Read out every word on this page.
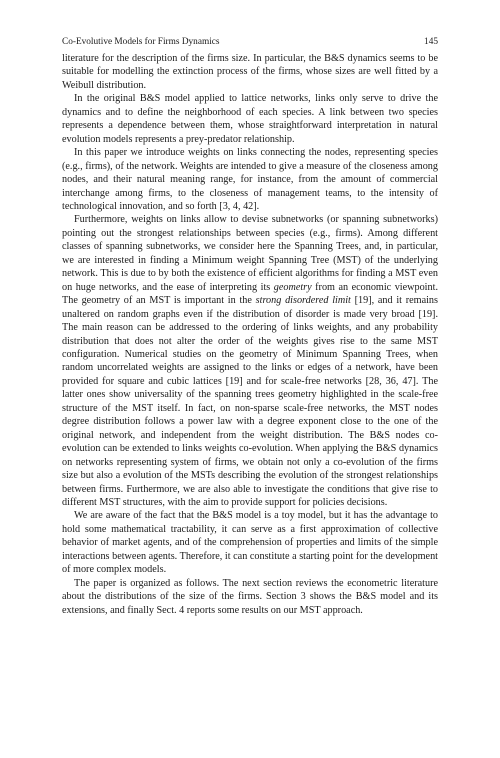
Co-Evolutive Models for Firms Dynamics	145

literature for the description of the firms size. In particular, the B&S dynamics seems to be suitable for modelling the extinction process of the firms, whose sizes are well fitted by a Weibull distribution.

In the original B&S model applied to lattice networks, links only serve to drive the dynamics and to define the neighborhood of each species. A link between two species represents a dependence between them, whose straightforward interpretation in natural evolution models represents a prey-predator relationship.

In this paper we introduce weights on links connecting the nodes, representing species (e.g., firms), of the network. Weights are intended to give a measure of the closeness among nodes, and their natural meaning range, for instance, from the amount of commercial interchange among firms, to the closeness of management teams, to the intensity of technological innovation, and so forth [3, 4, 42].

Furthermore, weights on links allow to devise subnetworks (or spanning subnetworks) pointing out the strongest relationships between species (e.g., firms). Among different classes of spanning subnetworks, we consider here the Spanning Trees, and, in particular, we are interested in finding a Minimum weight Spanning Tree (MST) of the underlying network. This is due to by both the existence of efficient algorithms for finding a MST even on huge networks, and the ease of interpreting its geometry from an economic viewpoint. The geometry of an MST is important in the strong disordered limit [19], and it remains unaltered on random graphs even if the distribution of disorder is made very broad [19]. The main reason can be addressed to the ordering of links weights, and any probability distribution that does not alter the order of the weights gives rise to the same MST configuration. Numerical studies on the geometry of Minimum Spanning Trees, when random uncorrelated weights are assigned to the links or edges of a network, have been provided for square and cubic lattices [19] and for scale-free networks [28, 36, 47]. The latter ones show universality of the spanning trees geometry highlighted in the scale-free structure of the MST itself. In fact, on non-sparse scale-free networks, the MST nodes degree distribution follows a power law with a degree exponent close to the one of the original network, and independent from the weight distribution. The B&S nodes co-evolution can be extended to links weights co-evolution. When applying the B&S dynamics on networks representing system of firms, we obtain not only a co-evolution of the firms size but also a evolution of the MSTs describing the evolution of the strongest relationships between firms. Furthermore, we are also able to investigate the conditions that give rise to different MST structures, with the aim to provide support for policies decisions.

We are aware of the fact that the B&S model is a toy model, but it has the advantage to hold some mathematical tractability, it can serve as a first approximation of collective behavior of market agents, and of the comprehension of properties and limits of the simple interactions between agents. Therefore, it can constitute a starting point for the development of more complex models.

The paper is organized as follows. The next section reviews the econometric literature about the distributions of the size of the firms. Section 3 shows the B&S model and its extensions, and finally Sect. 4 reports some results on our MST approach.
